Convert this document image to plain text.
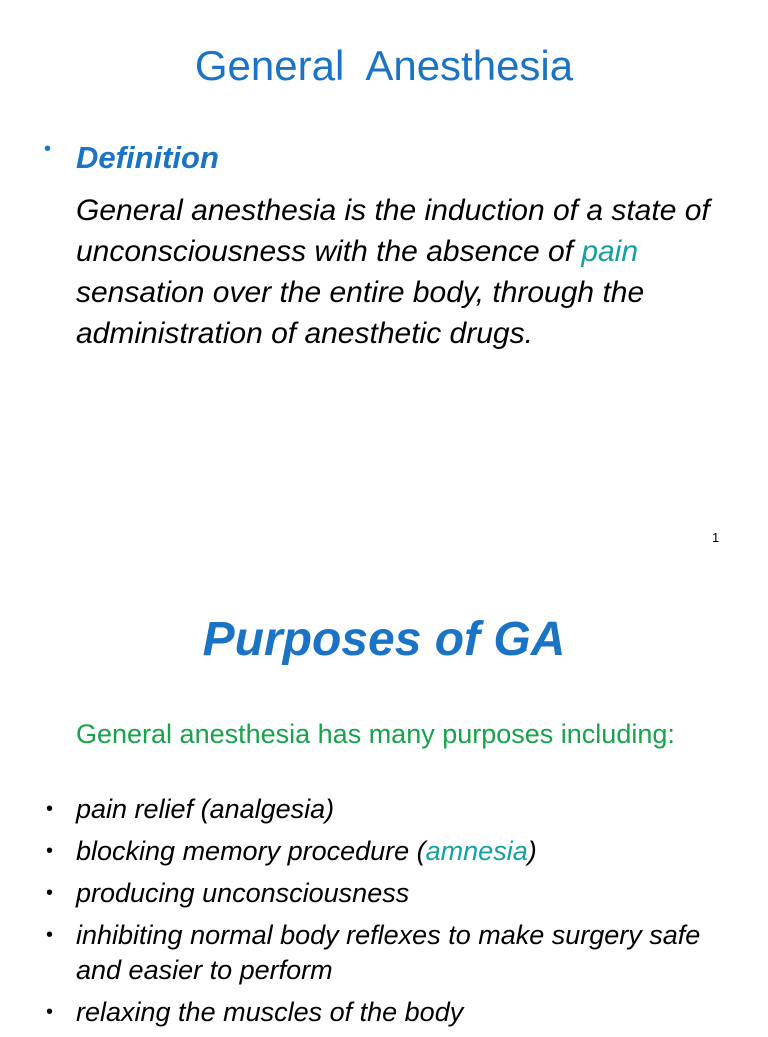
General  Anesthesia
• Definition
General anesthesia is the induction of a state of unconsciousness with the absence of pain sensation over the entire body, through the administration of anesthetic drugs.
1
Purposes of GA
General anesthesia has many purposes including:
• pain relief (analgesia)
• blocking memory procedure (amnesia)
• producing unconsciousness
• inhibiting normal body reflexes to make surgery safe and easier to perform
• relaxing the muscles of the body
